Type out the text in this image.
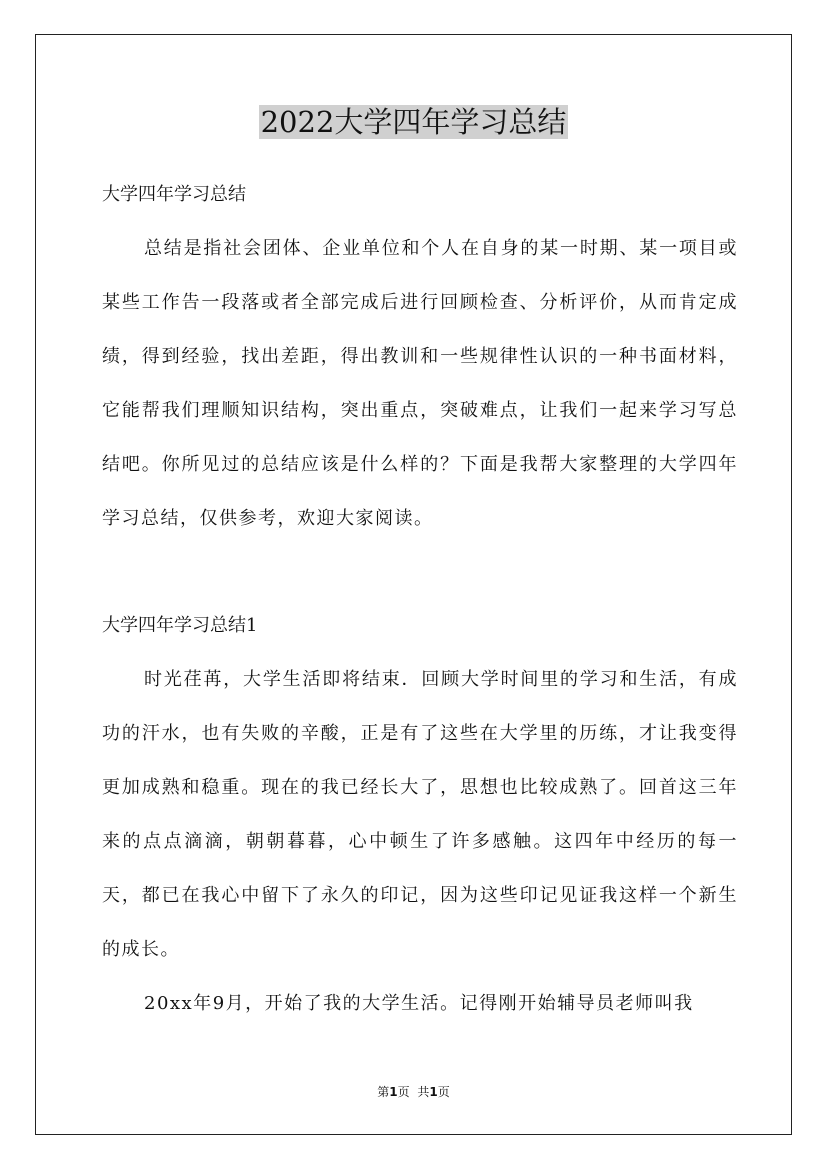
2022大学四年学习总结

大学四年学习总结

总结是指社会团体、企业单位和个人在自身的某一时期、某一项目或某些工作告一段落或者全部完成后进行回顾检查、分析评价，从而肯定成绩，得到经验，找出差距，得出教训和一些规律性认识的一种书面材料，它能帮我们理顺知识结构，突出重点，突破难点，让我们一起来学习写总结吧。你所见过的总结应该是什么样的？下面是我帮大家整理的大学四年学习总结，仅供参考，欢迎大家阅读。

大学四年学习总结1

时光荏苒，大学生活即将结束．回顾大学时间里的学习和生活，有成功的汗水，也有失败的辛酸，正是有了这些在大学里的历练，才让我变得更加成熟和稳重。现在的我已经长大了，思想也比较成熟了。回首这三年来的点点滴滴，朝朝暮暮，心中顿生了许多感触。这四年中经历的每一天，都已在我心中留下了永久的印记，因为这些印记见证我这样一个新生的成长。

20xx年9月，开始了我的大学生活。记得刚开始辅导员老师叫我

第1页 共1页
